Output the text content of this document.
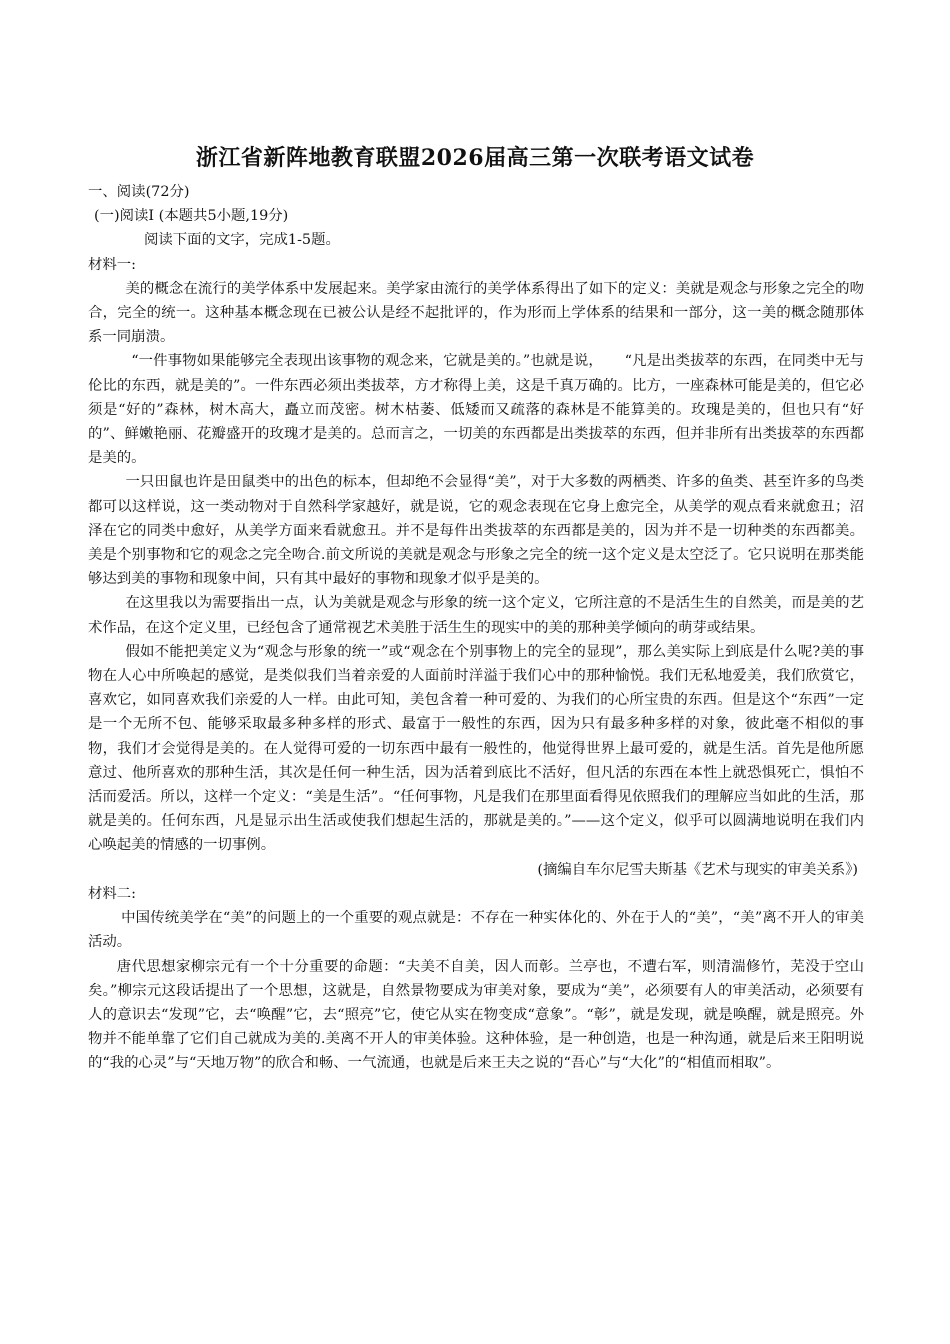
浙江省新阵地教育联盟2026届高三第一次联考语文试卷

一、阅读(72分)

(一)阅读Ⅰ (本题共5小题,19分)

阅读下面的文字，完成1-5题。

材料一:

美的概念在流行的美学体系中发展起来。美学家由流行的美学体系得出了如下的定义：美就是观念与形象之完全的吻合，完全的统一。这种基本概念现在已被公认是经不起批评的，作为形而上学体系的结果和一部分，这一美的概念随那体系一同崩溃。

“一件事物如果能够完全表现出该事物的观念来，它就是美的。”也就是说，　　“凡是出类拔萃的东西，在同类中无与伦比的东西，就是美的”。一件东西必须出类拔萃，方才称得上美，这是千真万确的。比方，一座森林可能是美的，但它必须是“好的”森林，树木高大，矗立而茂密。树木枯萎、低矮而又疏落的森林是不能算美的。玫瑰是美的，但也只有“好的”、鲜嫩艳丽、花瓣盛开的玫瑰才是美的。总而言之，一切美的东西都是出类拔萃的东西，但并非所有出类拔萃的东西都是美的。

一只田鼠也许是田鼠类中的出色的标本，但却绝不会显得“美”，对于大多数的两栖类、许多的鱼类、甚至许多的鸟类都可以这样说，这一类动物对于自然科学家越好，就是说，它的观念表现在它身上愈完全，从美学的观点看来就愈丑；沼泽在它的同类中愈好，从美学方面来看就愈丑。并不是每件出类拔萃的东西都是美的，因为并不是一切种类的东西都美。美是个别事物和它的观念之完全吻合.前文所说的美就是观念与形象之完全的统一这个定义是太空泛了。它只说明在那类能够达到美的事物和现象中间，只有其中最好的事物和现象才似乎是美的。

在这里我以为需要指出一点，认为美就是观念与形象的统一这个定义，它所注意的不是活生生的自然美，而是美的艺术作品，在这个定义里，已经包含了通常视艺术美胜于活生生的现实中的美的那种美学倾向的萌芽或结果。

假如不能把美定义为“观念与形象的统一”或“观念在个别事物上的完全的显现”，那么美实际上到底是什么呢?美的事物在人心中所唤起的感觉，是类似我们当着亲爱的人面前时洋溢于我们心中的那种愉悦。我们无私地爱美，我们欣赏它，喜欢它，如同喜欢我们亲爱的人一样。由此可知，美包含着一种可爱的、为我们的心所宝贵的东西。但是这个“东西”一定是一个无所不包、能够采取最多种多样的形式、最富于一般性的东西，因为只有最多种多样的对象，彼此毫不相似的事物，我们才会觉得是美的。在人觉得可爱的一切东西中最有一般性的，他觉得世界上最可爱的，就是生活。首先是他所愿意过、他所喜欢的那种生活，其次是任何一种生活，因为活着到底比不活好，但凡活的东西在本性上就恐惧死亡，惧怕不活而爱活。所以，这样一个定义：“美是生活”。“任何事物，凡是我们在那里面看得见依照我们的理解应当如此的生活，那就是美的。任何东西，凡是显示出生活或使我们想起生活的，那就是美的。”——这个定义，似乎可以圆满地说明在我们内心唤起美的情感的一切事例。

(摘编自车尔尼雪夫斯基《艺术与现实的审美关系》)

材料二:

中国传统美学在“美”的问题上的一个重要的观点就是：不存在一种实体化的、外在于人的“美”，“美”离不开人的审美活动。

唐代思想家柳宗元有一个十分重要的命题：“夫美不自美，因人而彰。兰亭也，不遭右军，则清湍修竹，芜没于空山矣。”柳宗元这段话提出了一个思想，这就是，自然景物要成为审美对象，要成为“美”，必须要有人的审美活动，必须要有人的意识去“发现”它，去“唤醒”它，去“照亮”它，使它从实在物变成“意象”。“彰”，就是发现，就是唤醒，就是照亮。外物并不能单靠了它们自己就成为美的.美离不开人的审美体验。这种体验，是一种创造，也是一种沟通，就是后来王阳明说的“我的心灵”与“天地万物”的欣合和畅、一气流通，也就是后来王夫之说的“吾心”与“大化”的“相值而相取”。
